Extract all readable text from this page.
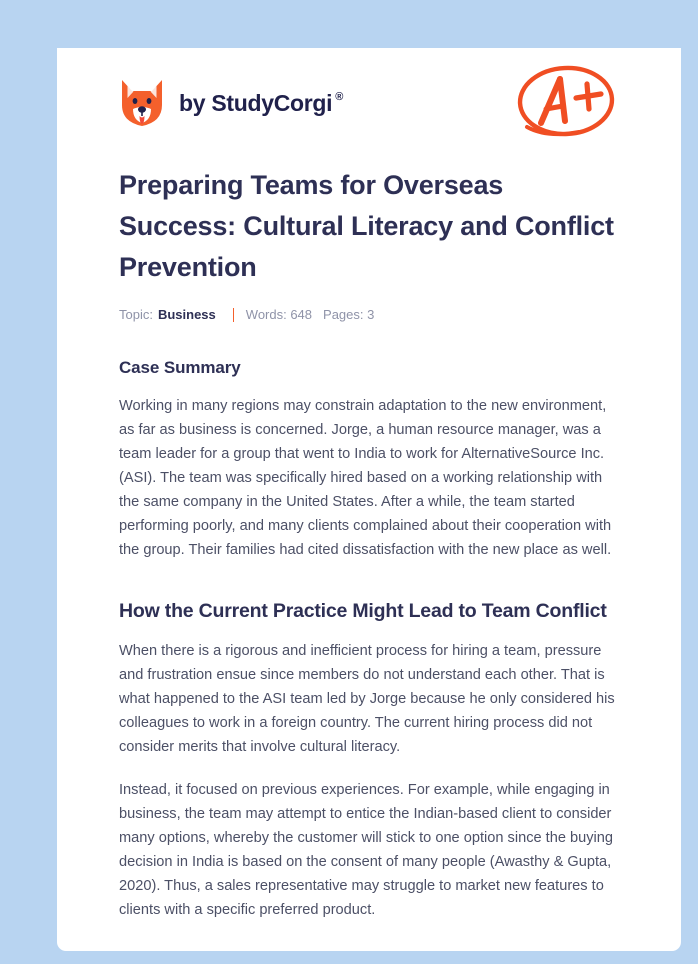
by StudyCorgi ®
Preparing Teams for Overseas Success: Cultural Literacy and Conflict Prevention
Topic: Business Words: 648 Pages: 3
Case Summary

Working in many regions may constrain adaptation to the new environment, as far as business is concerned. Jorge, a human resource manager, was a team leader for a group that went to India to work for AlternativeSource Inc. (ASI). The team was specifically hired based on a working relationship with the same company in the United States. After a while, the team started performing poorly, and many clients complained about their cooperation with the group. Their families had cited dissatisfaction with the new place as well.

How the Current Practice Might Lead to Team Conflict

When there is a rigorous and inefficient process for hiring a team, pressure and frustration ensue since members do not understand each other. That is what happened to the ASI team led by Jorge because he only considered his colleagues to work in a foreign country. The current hiring process did not consider merits that involve cultural literacy.

Instead, it focused on previous experiences. For example, while engaging in business, the team may attempt to entice the Indian-based client to consider many options, whereby the customer will stick to one option since the buying decision in India is based on the consent of many people (Awasthy & Gupta, 2020). Thus, a sales representative may struggle to market new features to clients with a specific preferred product.
